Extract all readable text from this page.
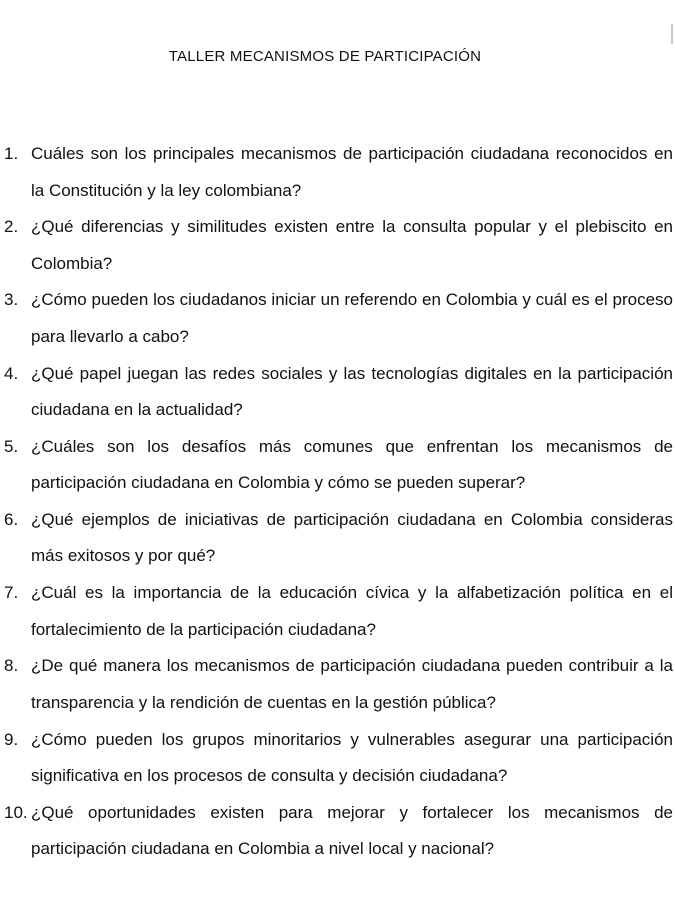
TALLER MECANISMOS DE PARTICIPACIÓN
1. Cuáles son los principales mecanismos de participación ciudadana reconocidos en la Constitución y la ley colombiana?
2. ¿Qué diferencias y similitudes existen entre la consulta popular y el plebiscito en Colombia?
3. ¿Cómo pueden los ciudadanos iniciar un referendo en Colombia y cuál es el proceso para llevarlo a cabo?
4. ¿Qué papel juegan las redes sociales y las tecnologías digitales en la participación ciudadana en la actualidad?
5. ¿Cuáles son los desafíos más comunes que enfrentan los mecanismos de participación ciudadana en Colombia y cómo se pueden superar?
6. ¿Qué ejemplos de iniciativas de participación ciudadana en Colombia consideras más exitosos y por qué?
7. ¿Cuál es la importancia de la educación cívica y la alfabetización política en el fortalecimiento de la participación ciudadana?
8. ¿De qué manera los mecanismos de participación ciudadana pueden contribuir a la transparencia y la rendición de cuentas en la gestión pública?
9. ¿Cómo pueden los grupos minoritarios y vulnerables asegurar una participación significativa en los procesos de consulta y decisión ciudadana?
10. ¿Qué oportunidades existen para mejorar y fortalecer los mecanismos de participación ciudadana en Colombia a nivel local y nacional?
